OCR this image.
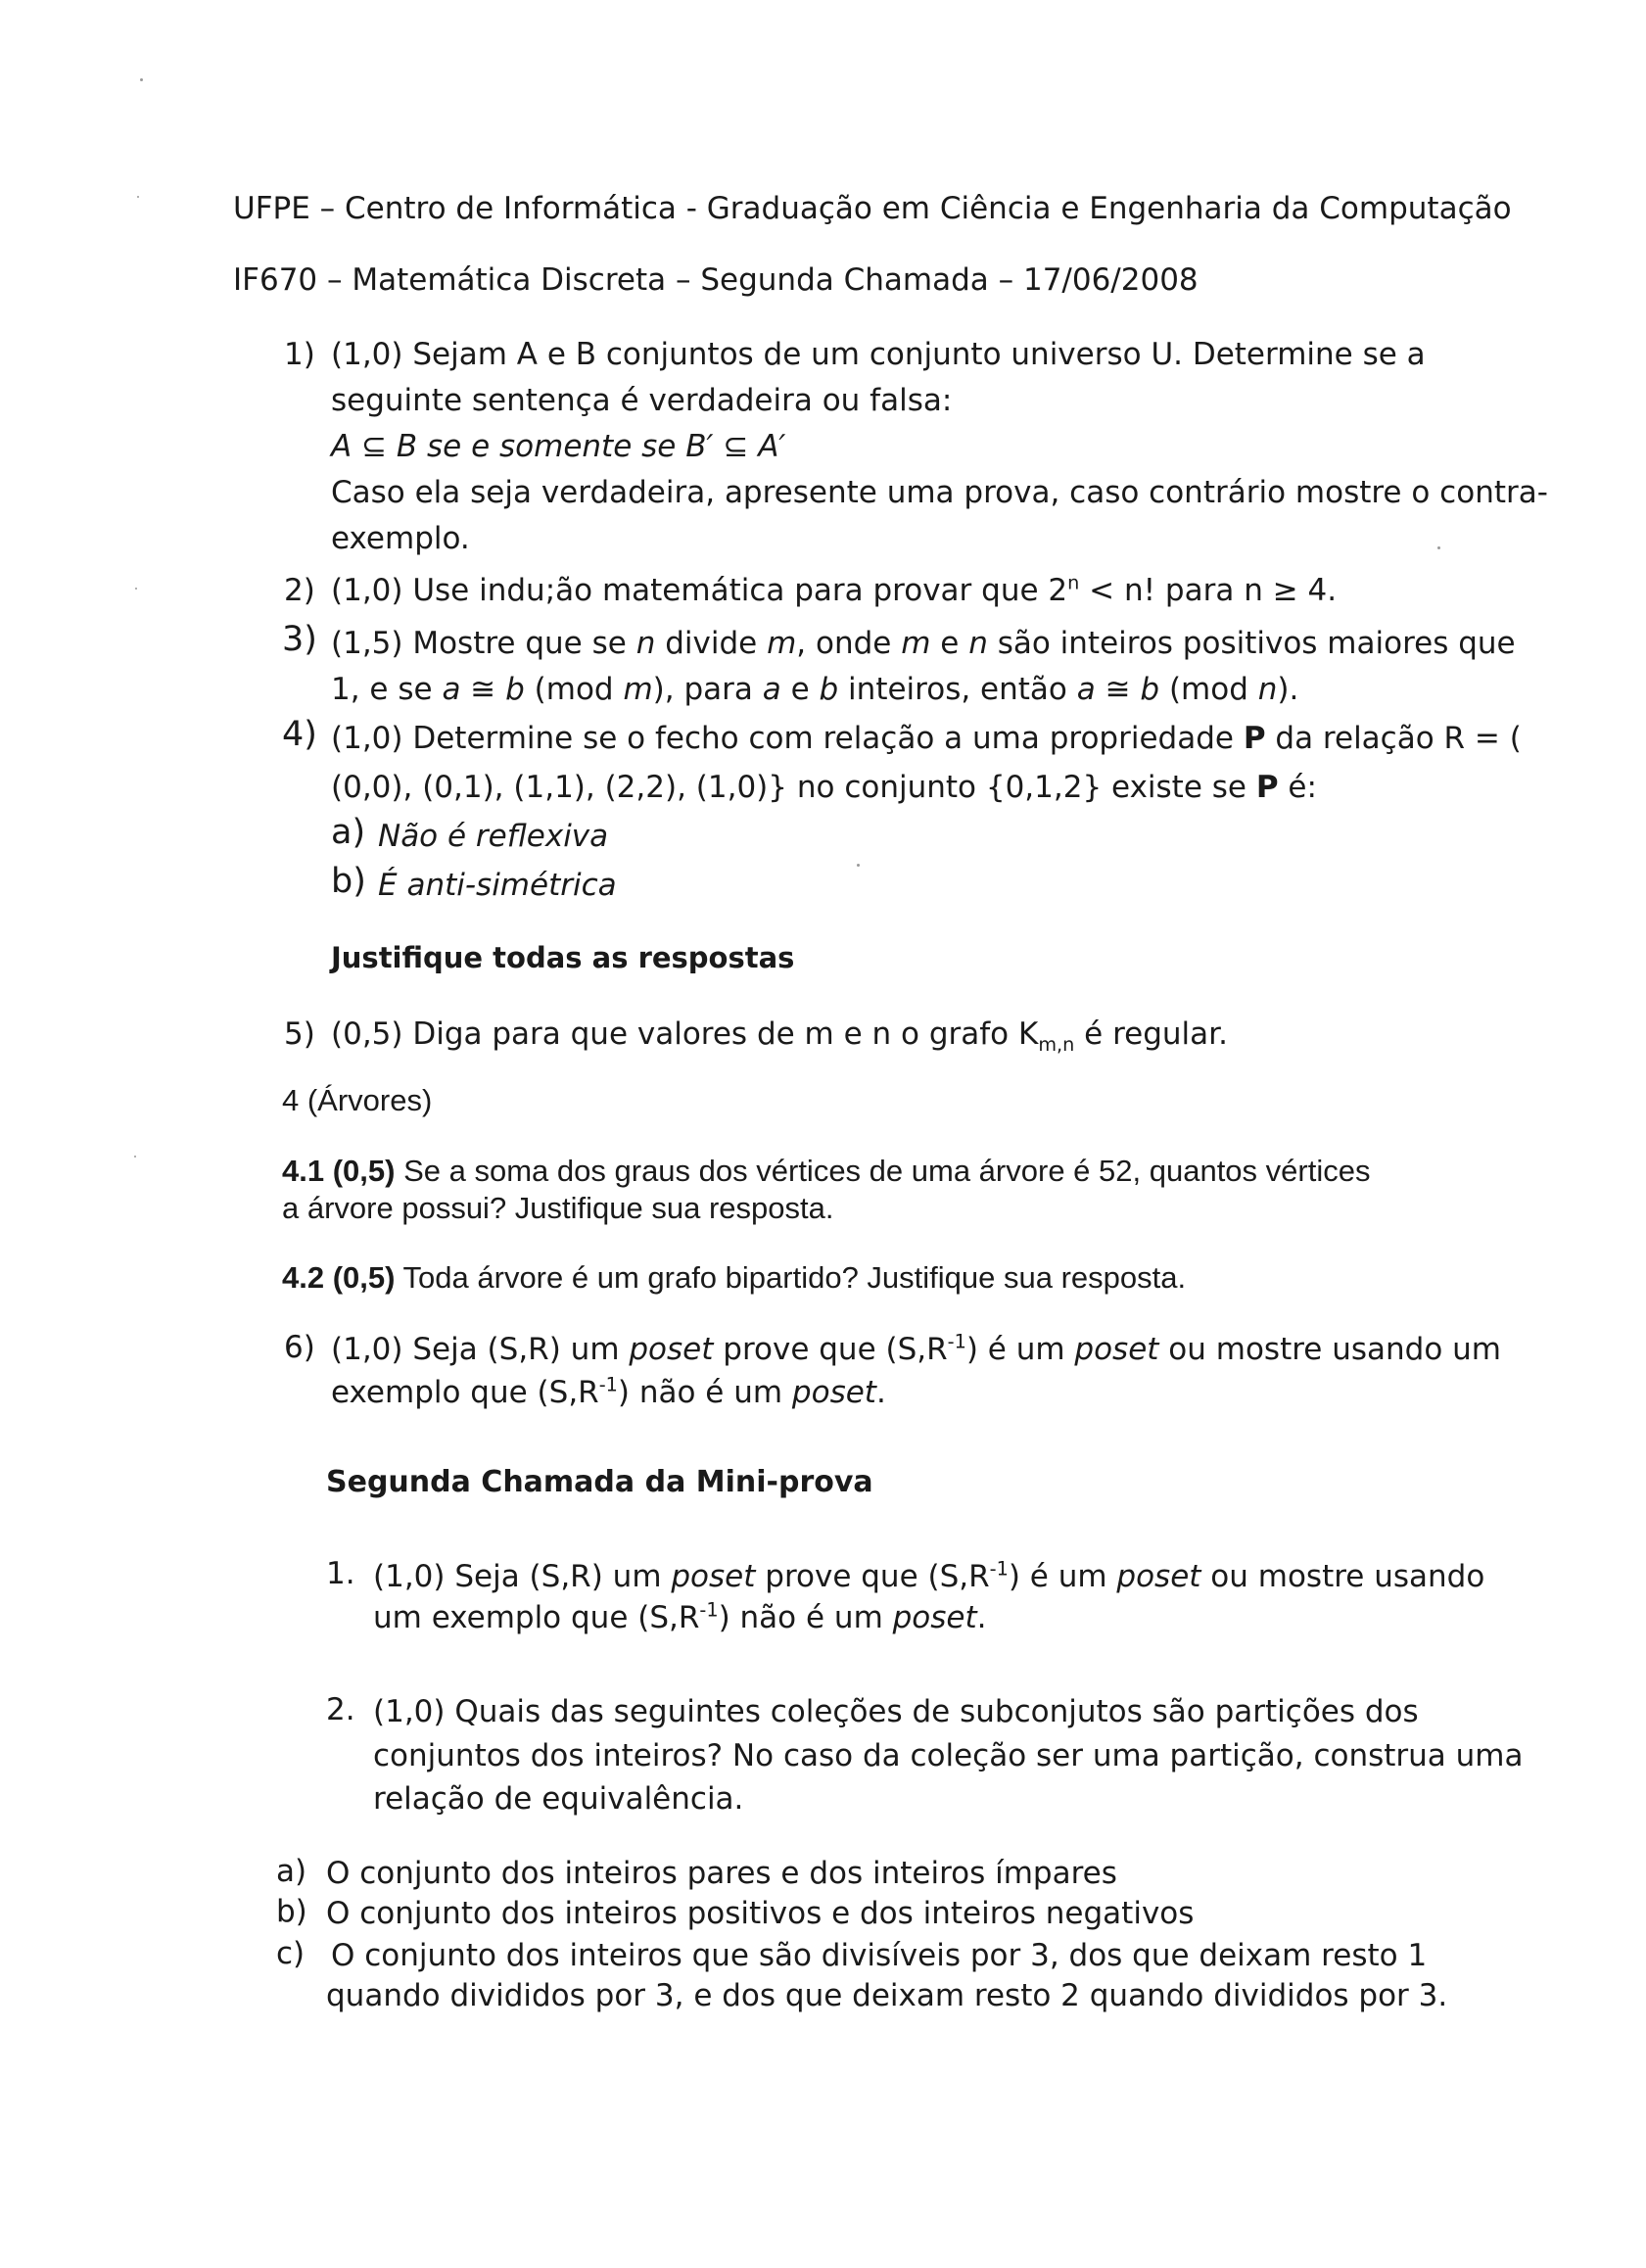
UFPE – Centro de Informática - Graduação em Ciência e Engenharia da Computação
IF670 – Matemática Discreta – Segunda Chamada – 17/06/2008
1) (1,0) Sejam A e B conjuntos de um conjunto universo U. Determine se a
seguinte sentença é verdadeira ou falsa:
A ⊆ B se e somente se B′ ⊆ A′
Caso ela seja verdadeira, apresente uma prova, caso contrário mostre o contra-
exemplo.
2) (1,0) Use indu;ão matemática para provar que $2^n < n$! para n ≥ 4.
3) (1,5) Mostre que se n divide m, onde m e n são inteiros positivos maiores que
1, e se a ≅ b (mod m), para a e b inteiros, então a ≅ b (mod n).
4) (1,0) Determine se o fecho com relação a uma propriedade P da relação R = (
(0,0), (0,1), (1,1), (2,2), (1,0)} no conjunto {0,1,2} existe se P é:
a) Não é reflexiva
b) É anti-simétrica
Justifique todas as respostas
5) (0,5) Diga para que valores de m e n o grafo $K_{m,n}$ é regular.
4 (Árvores)
4.1 (0,5) Se a soma dos graus dos vértices de uma árvore é 52, quantos vértices
a árvore possui? Justifique sua resposta.
4.2 (0,5) Toda árvore é um grafo bipartido? Justifique sua resposta.
6) (1,0) Seja (S,R) um poset prove que $(S,R^{-1})$ é um poset ou mostre usando um
exemplo que $(S,R^{-1})$ não é um poset.
Segunda Chamada da Mini-prova
1. (1,0) Seja (S,R) um poset prove que $(S,R^{-1})$ é um poset ou mostre usando
um exemplo que $(S,R^{-1})$ não é um poset.
2. (1,0) Quais das seguintes coleções de subconjutos são partições dos
conjuntos dos inteiros? No caso da coleção ser uma partição, construa uma
relação de equivalência.
a) O conjunto dos inteiros pares e dos inteiros ímpares
b) O conjunto dos inteiros positivos e dos inteiros negativos
c) O conjunto dos inteiros que são divisíveis por 3, dos que deixam resto 1
quando divididos por 3, e dos que deixam resto 2 quando divididos por 3.
